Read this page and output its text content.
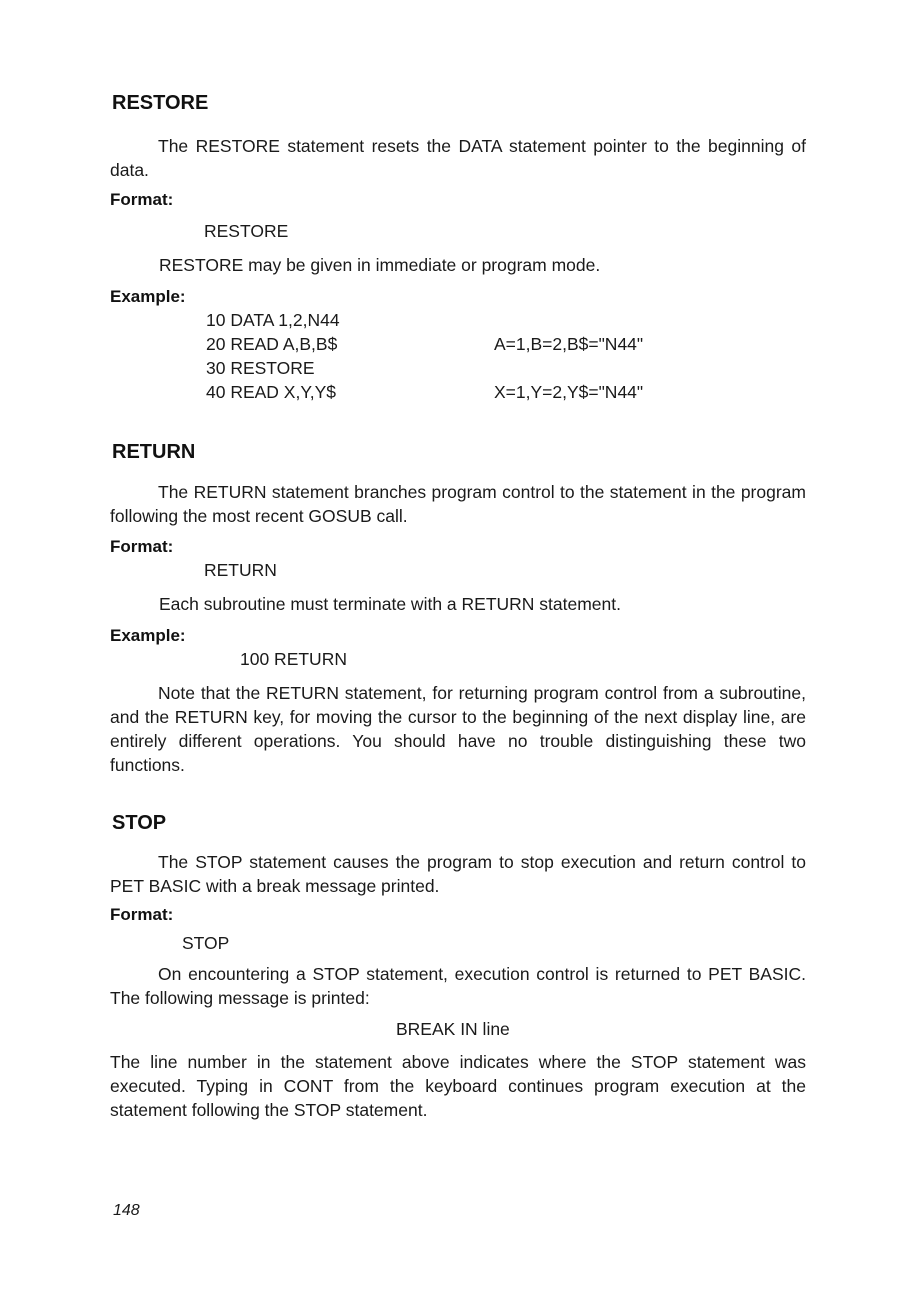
RESTORE

The RESTORE statement resets the DATA statement pointer to the beginning of data.

Format:
RESTORE
RESTORE may be given in immediate or program mode.
Example:
10 DATA 1,2,N44
20 READ A,B,B$
30 RESTORE
40 READ X,Y,Y$
A=1,B=2,B$="N44"
X=1,Y=2,Y$="N44"
RETURN

The RETURN statement branches program control to the statement in the program following the most recent GOSUB call.

Format:
RETURN
Each subroutine must terminate with a RETURN statement.
Example:
100 RETURN

Note that the RETURN statement, for returning program control from a subroutine, and the RETURN key, for moving the cursor to the beginning of the next display line, are entirely different operations. You should have no trouble distinguishing these two functions.

STOP

The STOP statement causes the program to stop execution and return control to PET BASIC with a break message printed.

Format:
STOP

On encountering a STOP statement, execution control is returned to PET BASIC. The following message is printed:

BREAK IN line

The line number in the statement above indicates where the STOP statement was executed. Typing in CONT from the keyboard continues program execution at the statement following the STOP statement.

148
